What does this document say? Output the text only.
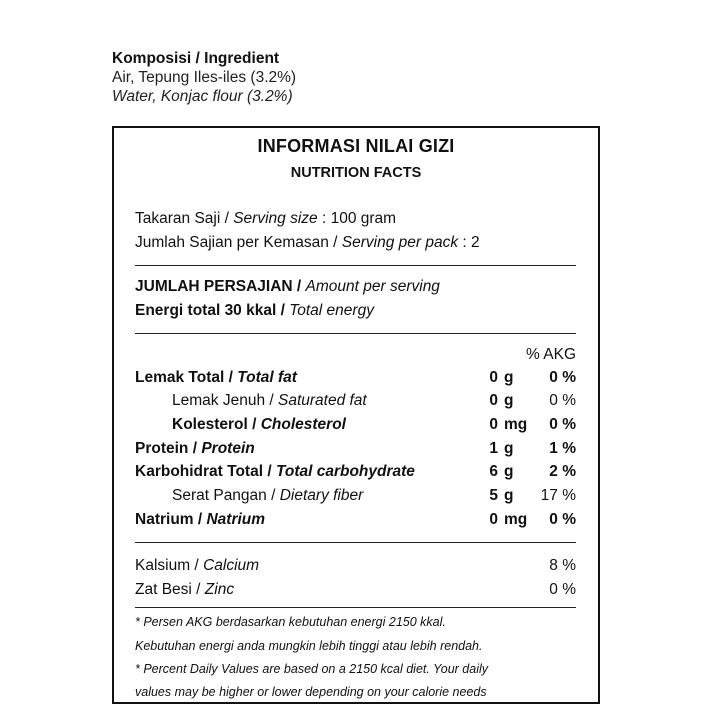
Komposisi / Ingredient
Air, Tepung Iles-iles (3.2%)
Water, Konjac flour (3.2%)
INFORMASI NILAI GIZI
NUTRITION FACTS
Takaran Saji / Serving size : 100 gram
Jumlah Sajian per Kemasan / Serving per pack : 2
JUMLAH PERSAJIAN / Amount per serving
Energi total 30 kkal / Total energy
% AKG
Lemak Total / Total fat	0 g 0 %
Lemak Jenuh / Saturated fat	0 g 0 %
Kolesterol / Cholesterol	0 mg 0 %
Protein / Protein	1 g 1 %
Karbohidrat Total / Total carbohydrate	6 g 2 %
Serat Pangan / Dietary fiber	5 g 17 %
Natrium / Natrium	0 mg 0 %
Kalsium / Calcium	8 %
Zat Besi / Zinc	0 %
* Persen AKG berdasarkan kebutuhan energi 2150 kkal.
Kebutuhan energi anda mungkin lebih tinggi atau lebih rendah.
* Percent Daily Values are based on a 2150 kcal diet. Your daily
values may be higher or lower depending on your calorie needs
